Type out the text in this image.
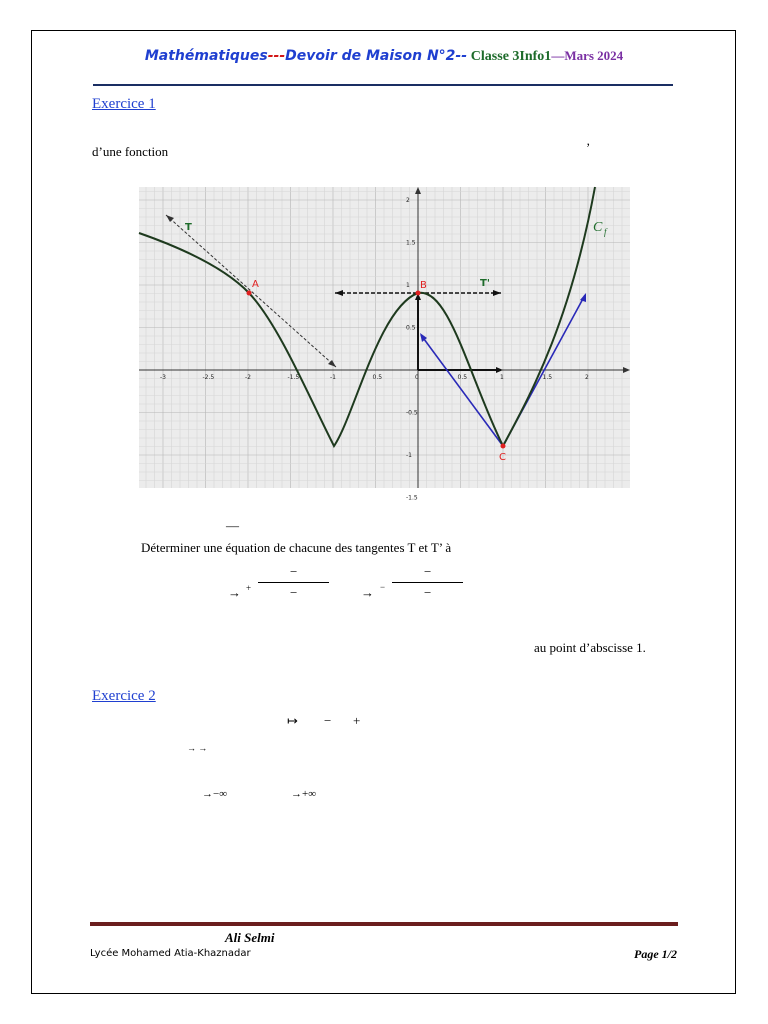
Mathématiques---Devoir de Maison N°2-- Classe 3Info1—Mars 2024
Exercice 1
d’une fonction	’
-3	-2.5	-2	-1.5	-1	0.5	0	0.5	1	1.5	2
2
1.5
1
0.5
-0.5
-1
-1.5
T
T'
A	B
C
C f
—
Déterminer une équation de chacune des tangentes T et T’ à
→ +
−
−	→ −
−
−
au point d’abscisse 1.
Exercice 2
↦ − +
→ →
→−∞	→+∞
Ali Selmi
Lycée Mohamed Atia-Khaznadar	Page 1/2
